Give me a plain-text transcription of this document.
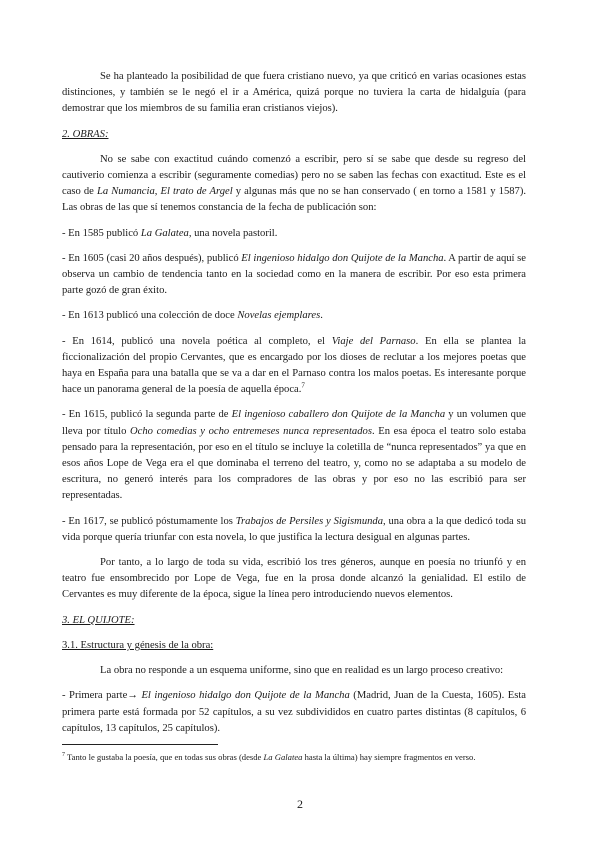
Se ha planteado la posibilidad de que fuera cristiano nuevo, ya que criticó en varias ocasiones estas distinciones, y también se le negó el ir a América, quizá porque no tuviera la carta de hidalguía (para demostrar que los miembros de su familia eran cristianos viejos).

2. OBRAS:

No se sabe con exactitud cuándo comenzó a escribir, pero sí se sabe que desde su regreso del cautiverio comienza a escribir (seguramente comedias) pero no se saben las fechas con exactitud. Este es el caso de La Numancia, El trato de Argel y algunas más que no se han conservado ( en torno a 1581 y 1587). Las obras de las que sí tenemos constancia de la fecha de publicación son:

- En 1585 publicó La Galatea, una novela pastoril.

- En 1605 (casi 20 años después), publicó El ingenioso hidalgo don Quijote de la Mancha. A partir de aquí se observa un cambio de tendencia tanto en la sociedad como en la manera de escribir. Por eso esta primera parte gozó de gran éxito.

- En 1613 publicó una colección de doce Novelas ejemplares.

- En 1614, publicó una novela poética al completo, el Viaje del Parnaso. En ella se plantea la ficcionalización del propio Cervantes, que es encargado por los dioses de reclutar a los mejores poetas que haya en España para una batalla que se va a dar en el Parnaso contra los malos poetas. Es interesante porque hace un panorama general de la poesía de aquella época.$^7$

- En 1615, publicó la segunda parte de El ingenioso caballero don Quijote de la Mancha y un volumen que lleva por título Ocho comedias y ocho entremeses nunca representados. En esa época el teatro solo estaba pensado para la representación, por eso en el título se incluye la coletilla de “nunca representados” ya que en esos años Lope de Vega era el que dominaba el terreno del teatro, y, como no se adaptaba a su modelo de escritura, no generó interés para los compradores de las obras y por eso no las escribió para ser representadas.

- En 1617, se publicó póstumamente los Trabajos de Persiles y Sigismunda, una obra a la que dedicó toda su vida porque quería triunfar con esta novela, lo que justifica la lectura desigual en algunas partes.

Por tanto, a lo largo de toda su vida, escribió los tres géneros, aunque en poesía no triunfó y en teatro fue ensombrecido por Lope de Vega, fue en la prosa donde alcanzó la genialidad. El estilo de Cervantes es muy diferente de la época, sigue la línea pero introduciendo nuevos elementos.

3. EL QUIJOTE:

3.1. Estructura y génesis de la obra:

La obra no responde a un esquema uniforme, sino que en realidad es un largo proceso creativo:

- Primera parte→ El ingenioso hidalgo don Quijote de la Mancha (Madrid, Juan de la Cuesta, 1605). Esta primera parte está formada por 52 capítulos, a su vez subdivididos en cuatro partes distintas (8 capítulos, 6 capítulos, 13 capítulos, 25 capítulos).

$^7$ Tanto le gustaba la poesía, que en todas sus obras (desde La Galatea hasta la última) hay siempre fragmentos en verso.

2
